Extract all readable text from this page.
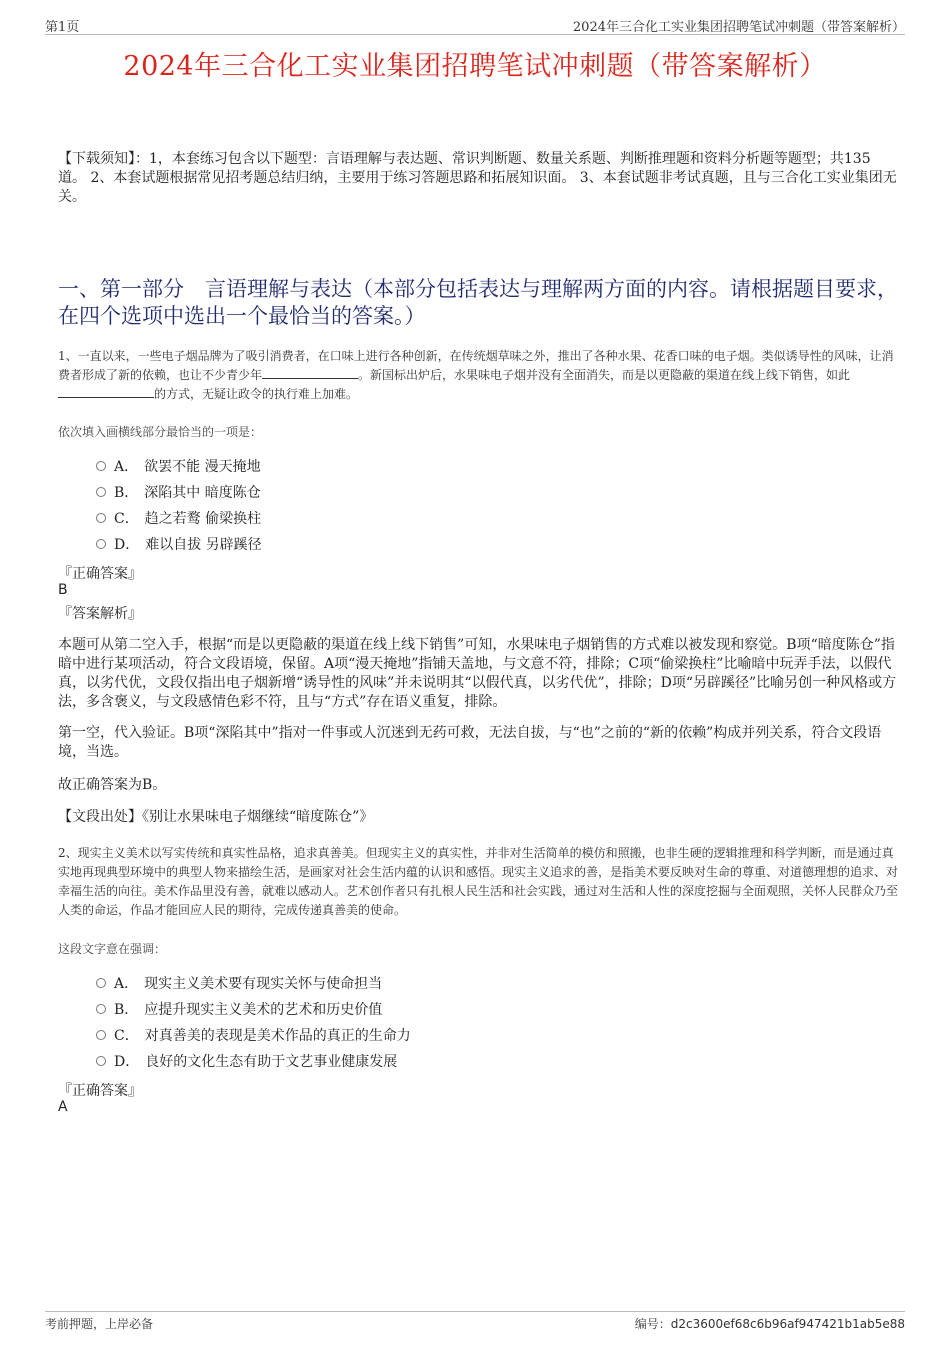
第1页	2024年三合化工实业集团招聘笔试冲刺题（带答案解析）
2024年三合化工实业集团招聘笔试冲刺题（带答案解析）
【下载须知】：1，本套练习包含以下题型：言语理解与表达题、常识判断题、数量关系题、判断推理题和资料分析题等题型；共135道。 2、本套试题根据常见招考题总结归纳，主要用于练习答题思路和拓展知识面。 3、本套试题非考试真题，且与三合化工实业集团无关。
一、第一部分　言语理解与表达（本部分包括表达与理解两方面的内容。请根据题目要求，在四个选项中选出一个最恰当的答案。）
1、一直以来，一些电子烟品牌为了吸引消费者，在口味上进行各种创新，在传统烟草味之外，推出了各种水果、花香口味的电子烟。类似诱导性的风味，让消费者形成了新的依赖，也让不少青少年	。新国标出炉后，水果味电子烟并没有全面消失，而是以更隐蔽的渠道在线上线下销售，如此的方式，无疑让政令的执行难上加难。
依次填入画横线部分最恰当的一项是：
A． 欲罢不能 漫天掩地
B． 深陷其中 暗度陈仓
C． 趋之若鹜 偷梁换柱
D． 难以自拔 另辟蹊径
『正确答案』
B
『答案解析』

本题可从第二空入手，根据“而是以更隐蔽的渠道在线上线下销售”可知，水果味电子烟销售的方式难以被发现和察觉。B项“暗度陈仓”指暗中进行某项活动，符合文段语境，保留。A项“漫天掩地”指铺天盖地，与文意不符，排除；C项“偷梁换柱”比喻暗中玩弄手法，以假代真，以劣代优，文段仅指出电子烟新增“诱导性的风味”并未说明其“以假代真，以劣代优”，排除；D项“另辟蹊径”比喻另创一种风格或方法，多含褒义，与文段感情色彩不符，且与“方式”存在语义重复，排除。

第一空，代入验证。B项“深陷其中”指对一件事或人沉迷到无药可救，无法自拔，与“也”之前的“新的依赖”构成并列关系，符合文段语境，当选。

故正确答案为B。

【文段出处】《别让水果味电子烟继续“暗度陈仓”》

2、现实主义美术以写实传统和真实性品格，追求真善美。但现实主义的真实性，并非对生活简单的模仿和照搬，也非生硬的逻辑推理和科学判断，而是通过真实地再现典型环境中的典型人物来描绘生活，是画家对社会生活内蕴的认识和感悟。现实主义追求的善，是指美术要反映对生命的尊重、对道德理想的追求、对幸福生活的向往。美术作品里没有善，就难以感动人。艺术创作者只有扎根人民生活和社会实践，通过对生活和人性的深度挖掘与全面观照，关怀人民群众乃至人类的命运，作品才能回应人民的期待，完成传递真善美的使命。
这段文字意在强调：
A． 现实主义美术要有现实关怀与使命担当
B． 应提升现实主义美术的艺术和历史价值
C． 对真善美的表现是美术作品的真正的生命力
D． 良好的文化生态有助于文艺事业健康发展
『正确答案』
A
考前押题，上岸必备	编号：d2c3600ef68c6b96af947421b1ab5e88
